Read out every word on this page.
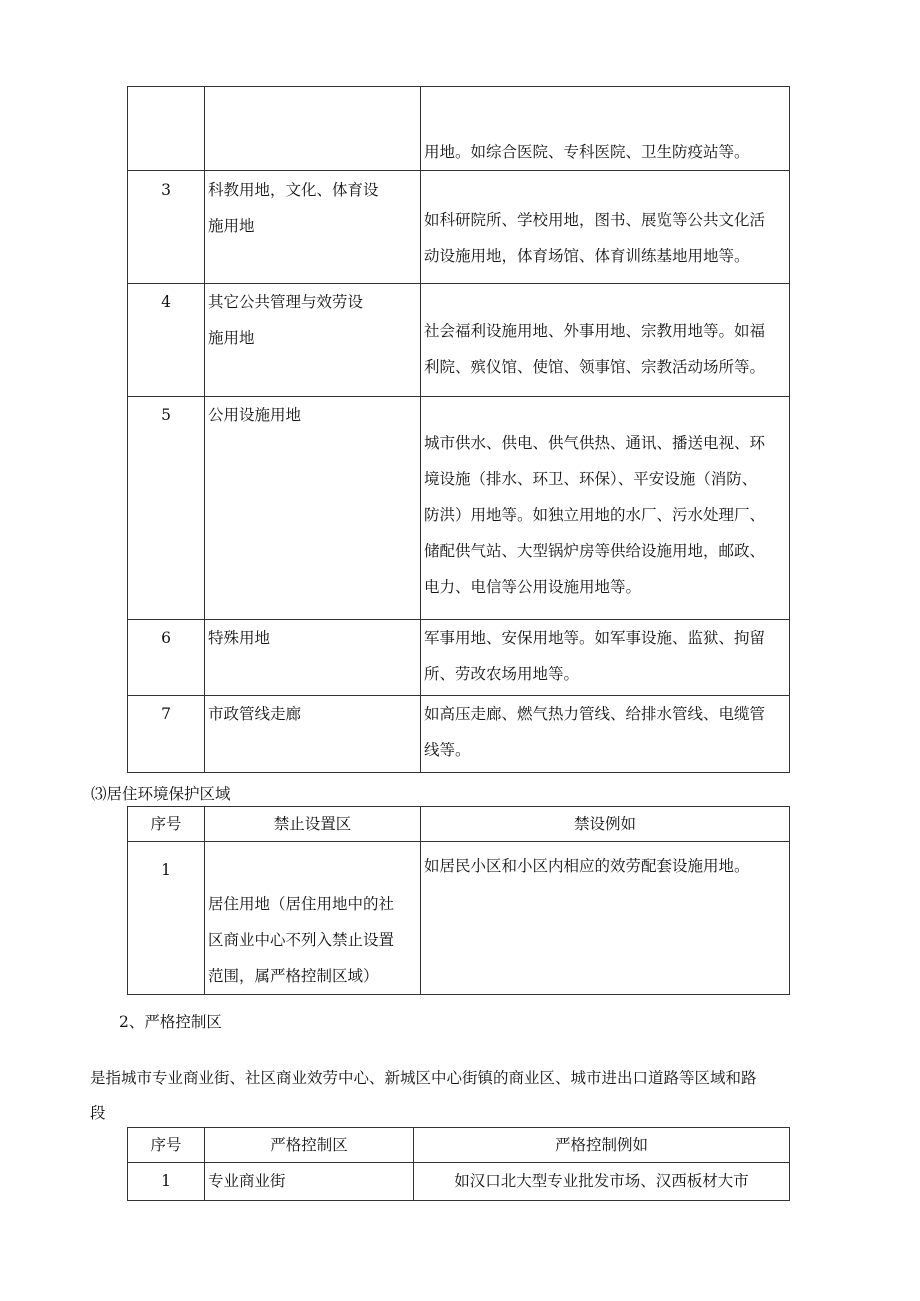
		用地。如综合医院、专科医院、卫生防疫站等。
3	科教用地，文化、体育设
施用地	如科研院所、学校用地，图书、展览等公共文化活
动设施用地，体育场馆、体育训练基地用地等。
4	其它公共管理与效劳设
施用地	社会福利设施用地、外事用地、宗教用地等。如福
利院、殡仪馆、使馆、领事馆、宗教活动场所等。
5	公用设施用地	城市供水、供电、供气供热、通讯、播送电视、环
境设施（排水、环卫、环保）、平安设施（消防、
防洪）用地等。如独立用地的水厂、污水处理厂、
储配供气站、大型锅炉房等供给设施用地，邮政、
电力、电信等公用设施用地等。
6	特殊用地	军事用地、安保用地等。如军事设施、监狱、拘留
所、劳改农场用地等。
7	市政管线走廊	如高压走廊、燃气热力管线、给排水管线、电缆管
线等。
⑶居住环境保护区域
序号	禁止设置区	禁设例如
1	居住用地（居住用地中的社
区商业中心不列入禁止设置
范围，属严格控制区域）	如居民小区和小区内相应的效劳配套设施用地。
2、严格控制区
是指城市专业商业街、社区商业效劳中心、新城区中心街镇的商业区、城市进出口道路等区域和路
段
序号	严格控制区	严格控制例如
1	专业商业街	如汉口北大型专业批发市场、汉西板材大市
